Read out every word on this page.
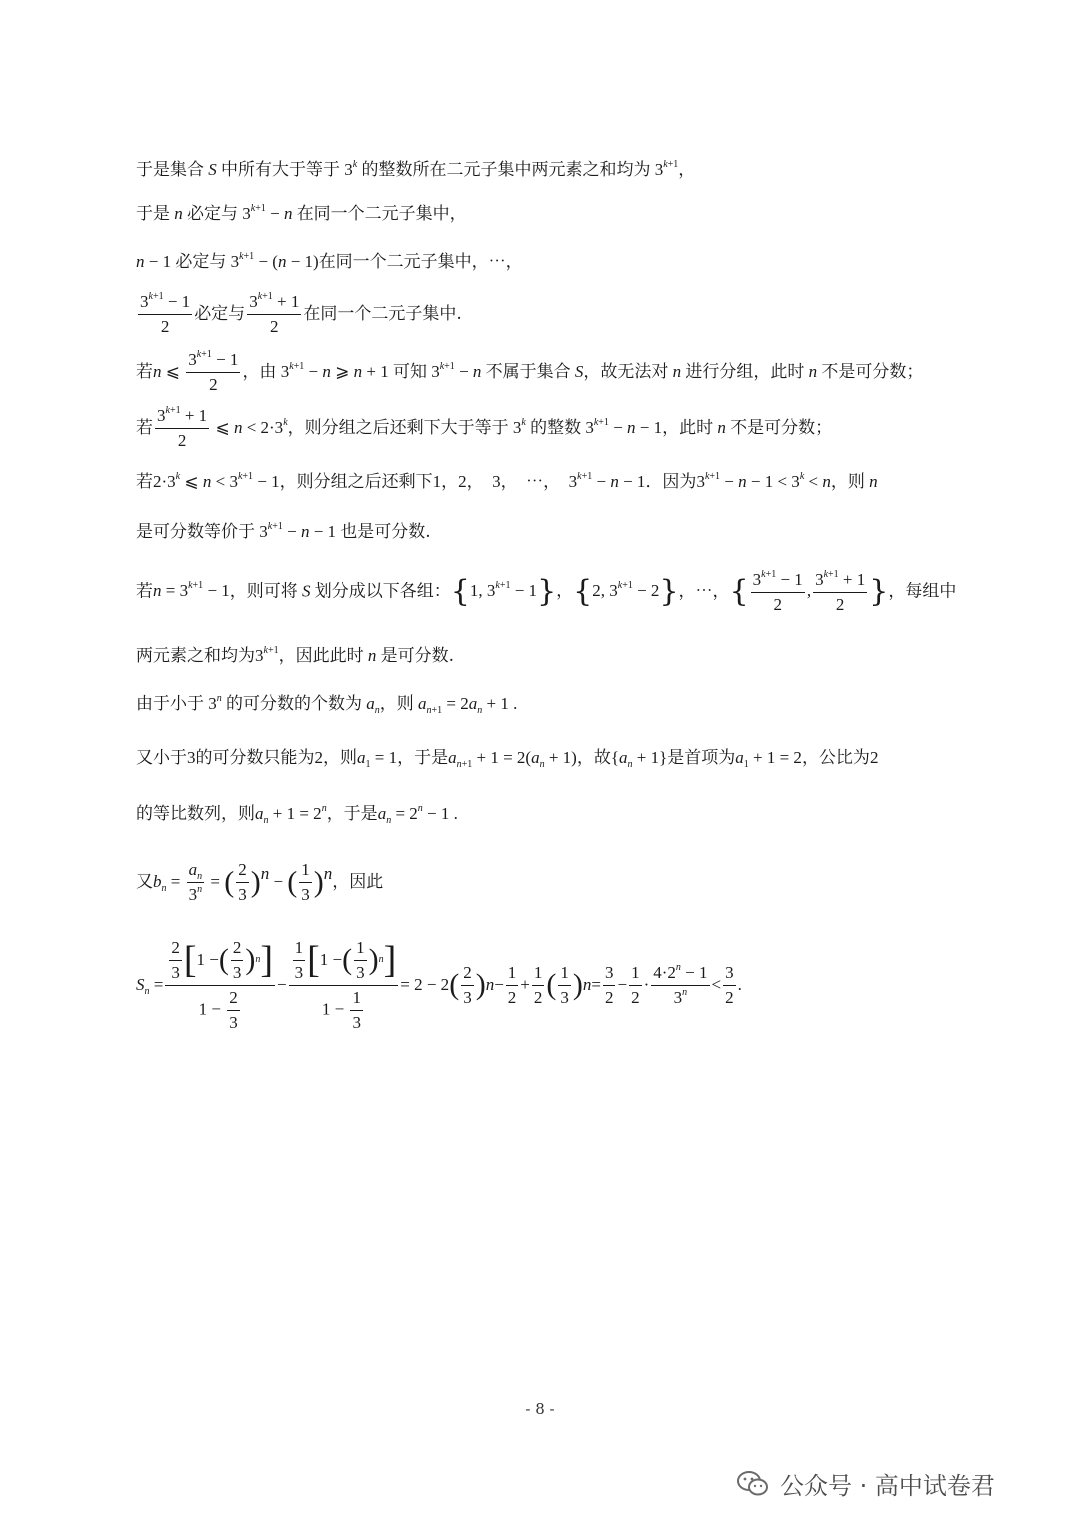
于是集合 S 中所有大于等于 3$^k$ 的整数所在二元子集中两元素之和均为 $3^{k+1}$，
于是 n 必定与 $3^{k+1} - n$ 在同一个二元子集中，
n − 1 必定与 $3^{k+1} - (n - 1)$在同一个二元子集中，⋯，
$\frac{3^{k+1} - 1}{2}$ 必定与 $\frac{3^{k+1} + 1}{2}$ 在同一个二元子集中.
若n ⩽ $\frac{3^{k+1} - 1}{2}$ ，由 $3^{k+1} - n$ ⩾ n + 1 可知 $3^{k+1} - n$ 不属于集合 S，故无法对 n 进行分组，此时 n 不是可分数；
若 $\frac{3^{k+1} + 1}{2}$ ⩽ $n < 2\cdot 3^k$，则分组之后还剩下大于等于 3$^k$ 的整数 $3^{k+1} - n - 1$，此时 n 不是可分数；
若$2\cdot 3^k$ ⩽ $n < 3^{k+1} - 1$，则分组之后还剩下1，2，　3，　⋯，　$3^{k+1} - n - 1$．因为$3^{k+1} - n - 1 < 3^k < n$，则 n
是可分数等价于 $3^{k+1} - n - 1$ 也是可分数.
若$n = 3^{k+1} - 1$，则可将 S 划分成以下各组：{1, $3^{k+1} - 1$}，{2, $3^{k+1} - 2$}，⋯，{ $\frac{3^{k+1} - 1}{2}$ , $\frac{3^{k+1} + 1}{2}$ }，每组中
两元素之和均为$3^{k+1}$，因此此时 n 是可分数.
由于小于 3$^n$ 的可分数的个数为 $a_n$，则 $a_{n+1} = 2a_n + 1$ .
又小于3的可分数只能为2，则$a_1 = 1$，于是$a_{n+1} + 1 = 2(a_n + 1)$，故$\{a_n + 1\}$是首项为$a_1 + 1 = 2$，公比为2
的等比数列，则$a_n + 1 = 2^n$，于是$a_n = 2^n - 1$ .
又$b_n = \frac{a_n}{3^n}$ = ( $\frac{2}{3} )^n$ − ( $\frac{1}{3} )^n$，因此
$S_n = \frac{\frac{2}{3} [ 1 - ( \frac{2}{3} ) n ]}{1 - \frac{2}{3}} - \frac{\frac{1}{3} [ 1 - ( \frac{1}{3} ) n ]}{1 - \frac{1}{3}} = 2 - 2$ ( $\frac{2}{3}$ ) $n - \frac{1}{2} + \frac{1}{2}$ ( $\frac{1}{3}$ ) $n = \frac{3}{2} - \frac{1}{2} \cdot \frac{4\cdot 2^n - 1}{3^n} < \frac{3}{2}$ .
- 8 -
公众号 · 高中试卷君
